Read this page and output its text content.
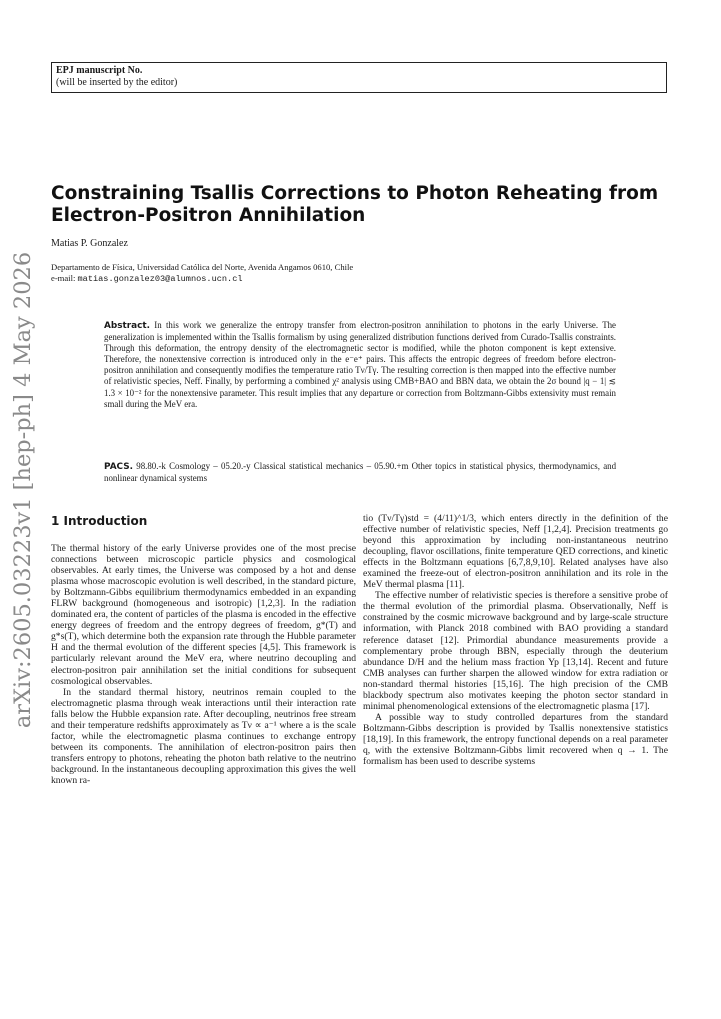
EPJ manuscript No.
(will be inserted by the editor)
arXiv:2605.03223v1 [hep-ph] 4 May 2026
Constraining Tsallis Corrections to Photon Reheating from Electron-Positron Annihilation
Matias P. Gonzalez
Departamento de Física, Universidad Católica del Norte, Avenida Angamos 0610, Chile
e-mail: matias.gonzalez03@alumnos.ucn.cl
Abstract. In this work we generalize the entropy transfer from electron-positron annihilation to photons in the early Universe. The generalization is implemented within the Tsallis formalism by using generalized distribution functions derived from Curado-Tsallis constraints. Through this deformation, the entropy density of the electromagnetic sector is modified, while the photon component is kept extensive. Therefore, the nonextensive correction is introduced only in the e⁻e⁺ pairs. This affects the entropic degrees of freedom before electron-positron annihilation and consequently modifies the temperature ratio Tν/Tγ. The resulting correction is then mapped into the effective number of relativistic species, Neff. Finally, by performing a combined χ² analysis using CMB+BAO and BBN data, we obtain the 2σ bound |q − 1| ≲ 1.3 × 10⁻² for the nonextensive parameter. This result implies that any departure or correction from Boltzmann-Gibbs extensivity must remain small during the MeV era.
PACS. 98.80.-k Cosmology – 05.20.-y Classical statistical mechanics – 05.90.+m Other topics in statistical physics, thermodynamics, and nonlinear dynamical systems
1 Introduction

The thermal history of the early Universe provides one of the most precise connections between microscopic particle physics and cosmological observables. At early times, the Universe was composed by a hot and dense plasma whose macroscopic evolution is well described, in the standard picture, by Boltzmann-Gibbs equilibrium thermodynamics embedded in an expanding FLRW background (homogeneous and isotropic) [1,2,3]. In the radiation dominated era, the content of particles of the plasma is encoded in the effective energy degrees of freedom and the entropy degrees of freedom, g*(T) and g*s(T), which determine both the expansion rate through the Hubble parameter H and the thermal evolution of the different species [4,5]. This framework is particularly relevant around the MeV era, where neutrino decoupling and electron-positron pair annihilation set the initial conditions for subsequent cosmological observables.

In the standard thermal history, neutrinos remain coupled to the electromagnetic plasma through weak interactions until their interaction rate falls below the Hubble expansion rate. After decoupling, neutrinos free stream and their temperature redshifts approximately as Tν ∝ a⁻¹ where a is the scale factor, while the electromagnetic plasma continues to exchange entropy between its components. The annihilation of electron-positron pairs then transfers entropy to photons, reheating the photon bath relative to the neutrino background. In the instantaneous decoupling approximation this gives the well known ra-

tio (Tν/Tγ)std = (4/11)^1/3, which enters directly in the definition of the effective number of relativistic species, Neff [1,2,4]. Precision treatments go beyond this approximation by including non-instantaneous neutrino decoupling, flavor oscillations, finite temperature QED corrections, and kinetic effects in the Boltzmann equations [6,7,8,9,10]. Related analyses have also examined the freeze-out of electron-positron annihilation and its role in the MeV thermal plasma [11].

The effective number of relativistic species is therefore a sensitive probe of the thermal evolution of the primordial plasma. Observationally, Neff is constrained by the cosmic microwave background and by large-scale structure information, with Planck 2018 combined with BAO providing a standard reference dataset [12]. Primordial abundance measurements provide a complementary probe through BBN, especially through the deuterium abundance D/H and the helium mass fraction Yp [13,14]. Recent and future CMB analyses can further sharpen the allowed window for extra radiation or non-standard thermal histories [15,16]. The high precision of the CMB blackbody spectrum also motivates keeping the photon sector standard in minimal phenomenological extensions of the electromagnetic plasma [17].

A possible way to study controlled departures from the standard Boltzmann-Gibbs description is provided by Tsallis nonextensive statistics [18,19]. In this framework, the entropy functional depends on a real parameter q, with the extensive Boltzmann-Gibbs limit recovered when q → 1. The formalism has been used to describe systems
